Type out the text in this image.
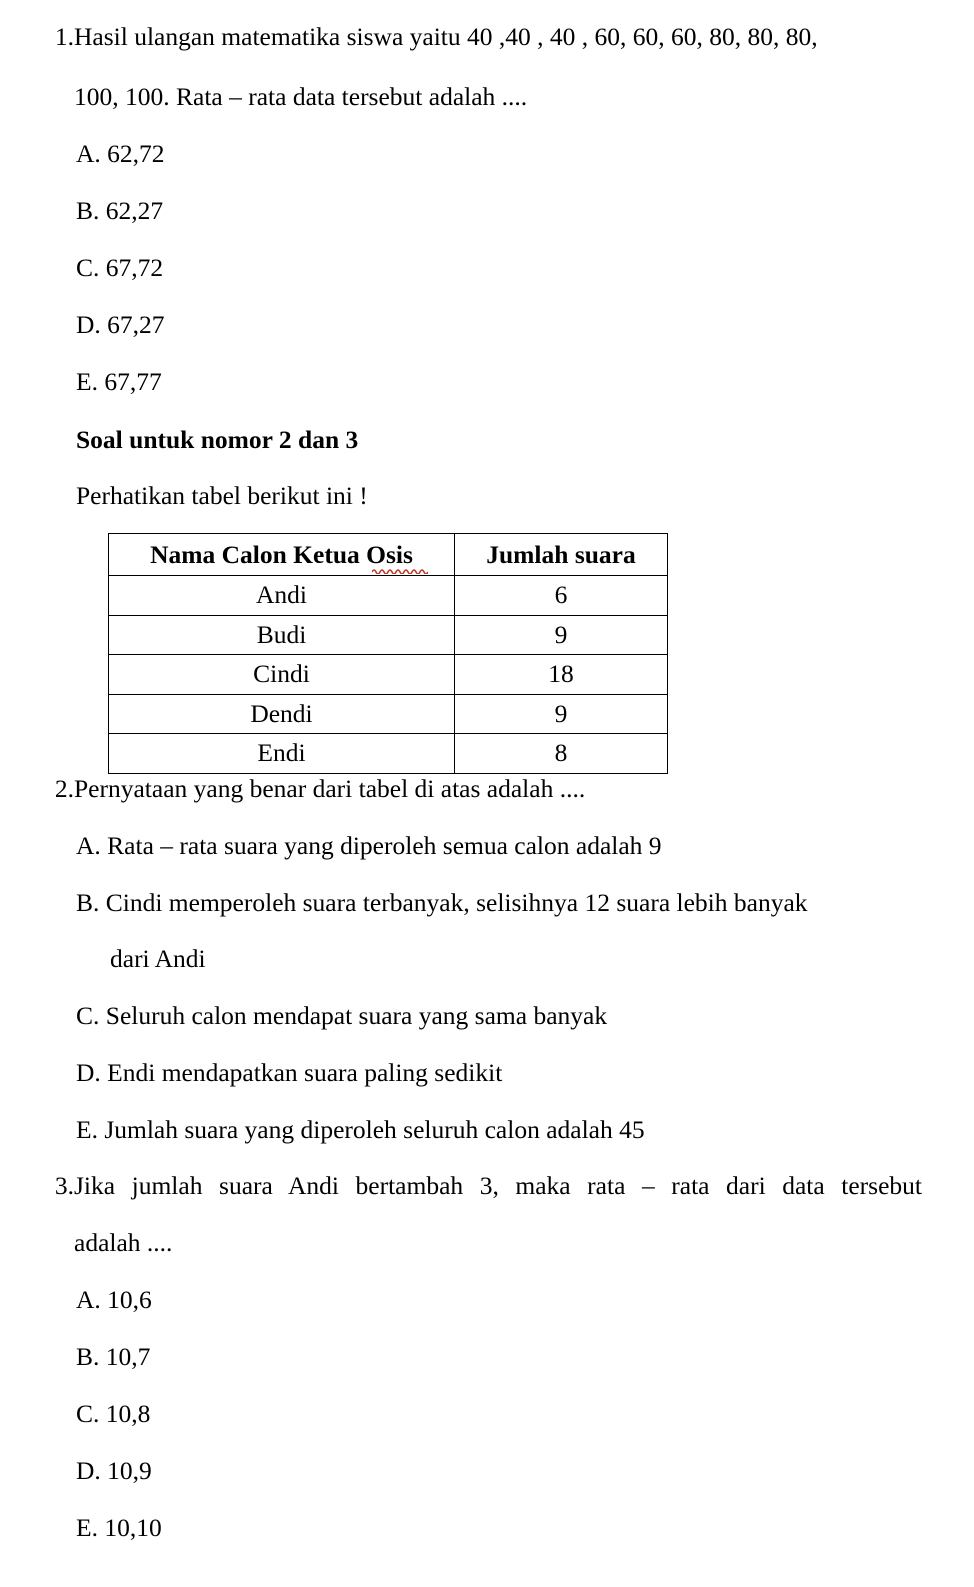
1. Hasil ulangan matematika siswa yaitu 40 ,40 , 40 , 60, 60, 60, 80, 80, 80,
100, 100. Rata – rata data tersebut adalah ....
A. 62,72
B. 62,27
C. 67,72
D. 67,27
E. 67,77
Soal untuk nomor 2 dan 3
Perhatikan tabel berikut ini !
Nama Calon Ketua Osis	Jumlah suara
Andi	6
Budi	9
Cindi	18
Dendi	9
Endi	8
2. Pernyataan yang benar dari tabel di atas adalah ....
A. Rata – rata suara yang diperoleh semua calon adalah 9
B. Cindi memperoleh suara terbanyak, selisihnya 12 suara lebih banyak
dari Andi
C. Seluruh calon mendapat suara yang sama banyak
D. Endi mendapatkan suara paling sedikit
E. Jumlah suara yang diperoleh seluruh calon adalah 45
3. Jika jumlah suara Andi bertambah 3, maka rata – rata dari data tersebut
adalah ....
A. 10,6
B. 10,7
C. 10,8
D. 10,9
E. 10,10
